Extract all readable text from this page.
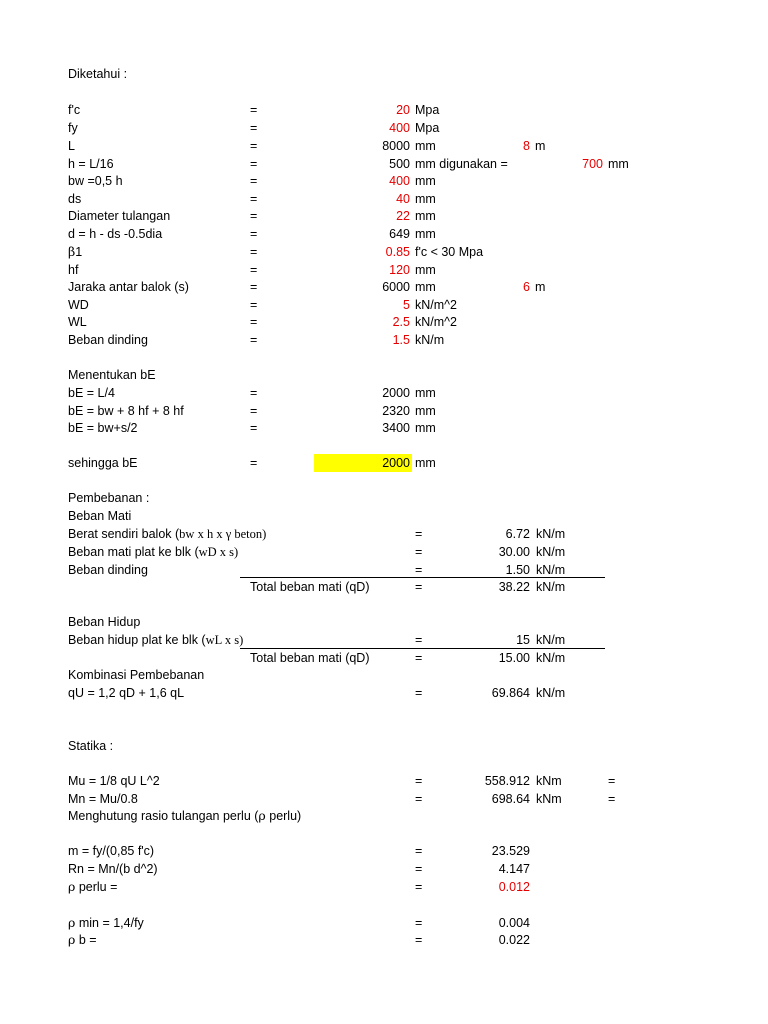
Diketahui :
f'c	=	20 Mpa
fy	=	400 Mpa
L	=	8000 mm	8 m
h = L/16	=	500 mm digunakan =	700 mm
bw =0,5 h	=	400 mm
ds	=	40 mm
Diameter tulangan	=	22 mm
d = h - ds -0.5dia	=	649 mm
β1	=	0.85 f'c < 30 Mpa
hf	=	120 mm
Jaraka antar balok (s)	=	6000 mm	6 m
WD	=	5 kN/m^2
WL	=	2.5 kN/m^2
Beban dinding	=	1.5 kN/m
Menentukan bE
bE = L/4	=	2000 mm
bE = bw + 8 hf + 8 hf	=	2320 mm
bE = bw+s/2	=	3400 mm
sehingga bE	=	2000 mm
Pembebanan :
Beban Mati
Berat sendiri balok (bw x h x γ beton)	=	6.72 kN/m
Beban mati plat ke blk (wD x s)	=	30.00 kN/m
Beban dinding	=	1.50 kN/m
Total beban mati (qD)	=	38.22 kN/m
Beban Hidup
Beban hidup plat ke blk (wL x s)	=	15 kN/m
Total beban mati (qD)	=	15.00 kN/m
Kombinasi Pembebanan
qU = 1,2 qD + 1,6 qL	=	69.864 kN/m
Statika :
Mu = 1/8 qU L^2	=	558.912 kNm	=
Mn = Mu/0.8	=	698.64 kNm	=
Menghutung rasio tulangan perlu (ρ perlu)
m = fy/(0,85 f'c)	=	23.529
Rn = Mn/(b d^2)	=	4.147
ρ perlu =	=	0.012
ρ min = 1,4/fy	=	0.004
ρ b =	=	0.022
